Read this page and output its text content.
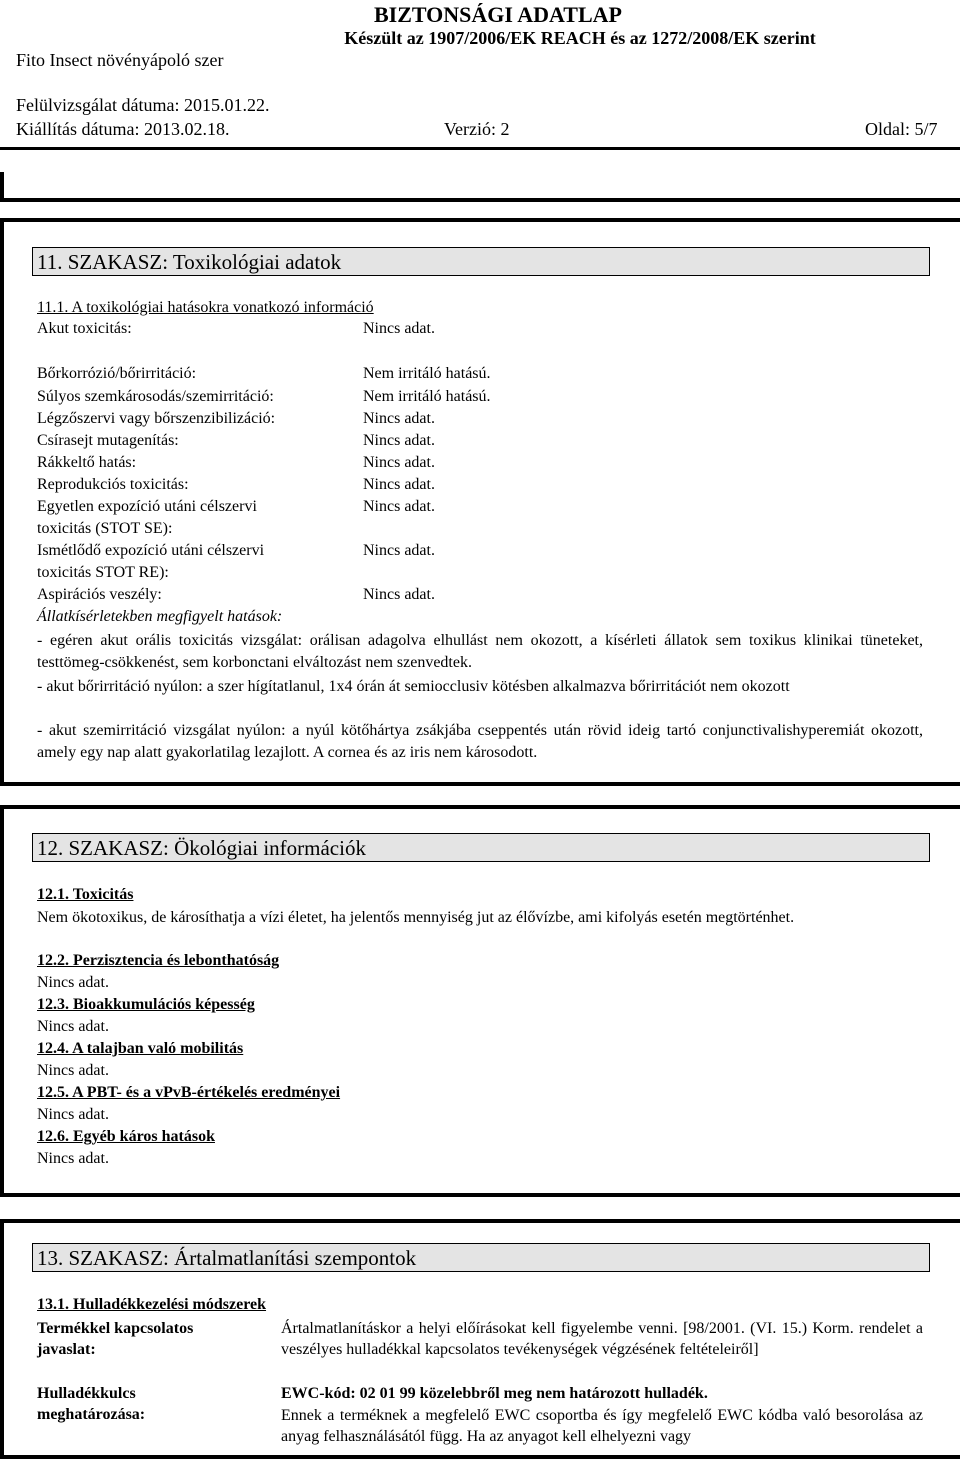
BIZTONSÁGI ADATLAP
Készült az 1907/2006/EK REACH és az 1272/2008/EK szerint
Fito Insect növényápoló szer
Felülvizsgálat dátuma: 2015.01.22.
Kiállítás dátuma: 2013.02.18.	Verzió: 2	Oldal: 5/7
11. SZAKASZ: Toxikológiai adatok
11.1. A toxikológiai hatásokra vonatkozó információ
Akut toxicitás:	Nincs adat.
Bőrkorrózió/bőrirritáció:	Nem irritáló hatású.
Súlyos szemkárosodás/szemirritáció:	Nem irritáló hatású.
Légzőszervi vagy bőrszenzibilizáció:	Nincs adat.
Csírasejt mutagenítás:	Nincs adat.
Rákkeltő hatás:	Nincs adat.
Reprodukciós toxicitás:	Nincs adat.
Egyetlen expozíció utáni célszervi
toxicitás (STOT SE):
Nincs adat.
Ismétlődő expozíció utáni célszervi
toxicitás STOT RE):
Nincs adat.
Aspirációs veszély:	Nincs adat.
Állatkísérletekben megfigyelt hatások:
- egéren akut orális toxicitás vizsgálat: orálisan adagolva elhullást nem okozott, a kísérleti állatok sem toxikus klinikai tüneteket, testtömeg-csökkenést, sem korbonctani elváltozást nem szenvedtek.
- akut bőrirritáció nyúlon: a szer hígítatlanul, 1x4 órán át semiocclusiv kötésben alkalmazva bőrirritációt nem okozott
- akut szemirritáció vizsgálat nyúlon: a nyúl kötőhártya zsákjába cseppentés után rövid ideig tartó conjunctivalishyperemiát okozott, amely egy nap alatt gyakorlatilag lezajlott. A cornea és az iris nem károsodott.
12. SZAKASZ: Ökológiai információk
12.1. Toxicitás
Nem ökotoxikus, de károsíthatja a vízi életet, ha jelentős mennyiség jut az élővízbe, ami kifolyás esetén megtörténhet.
12.2. Perzisztencia és lebonthatóság
Nincs adat.
12.3. Bioakkumulációs képesség
Nincs adat.
12.4. A talajban való mobilitás
Nincs adat.
12.5. A PBT- és a vPvB-értékelés eredményei
Nincs adat.
12.6. Egyéb káros hatások
Nincs adat.
13. SZAKASZ: Ártalmatlanítási szempontok
13.1. Hulladékkezelési módszerek
Termékkel kapcsolatos javaslat:
Ártalmatlanításkor a helyi előírásokat kell figyelembe venni. [98/2001. (VI. 15.) Korm. rendelet a veszélyes hulladékkal kapcsolatos tevékenységek végzésének feltételeiről]
Hulladékkulcs meghatározása:
EWC-kód: 02 01 99 közelebbről meg nem határozott hulladék.
Ennek a terméknek a megfelelő EWC csoportba és így megfelelő EWC kódba való besorolása az anyag felhasználásától függ. Ha az anyagot kell elhelyezni vagy
